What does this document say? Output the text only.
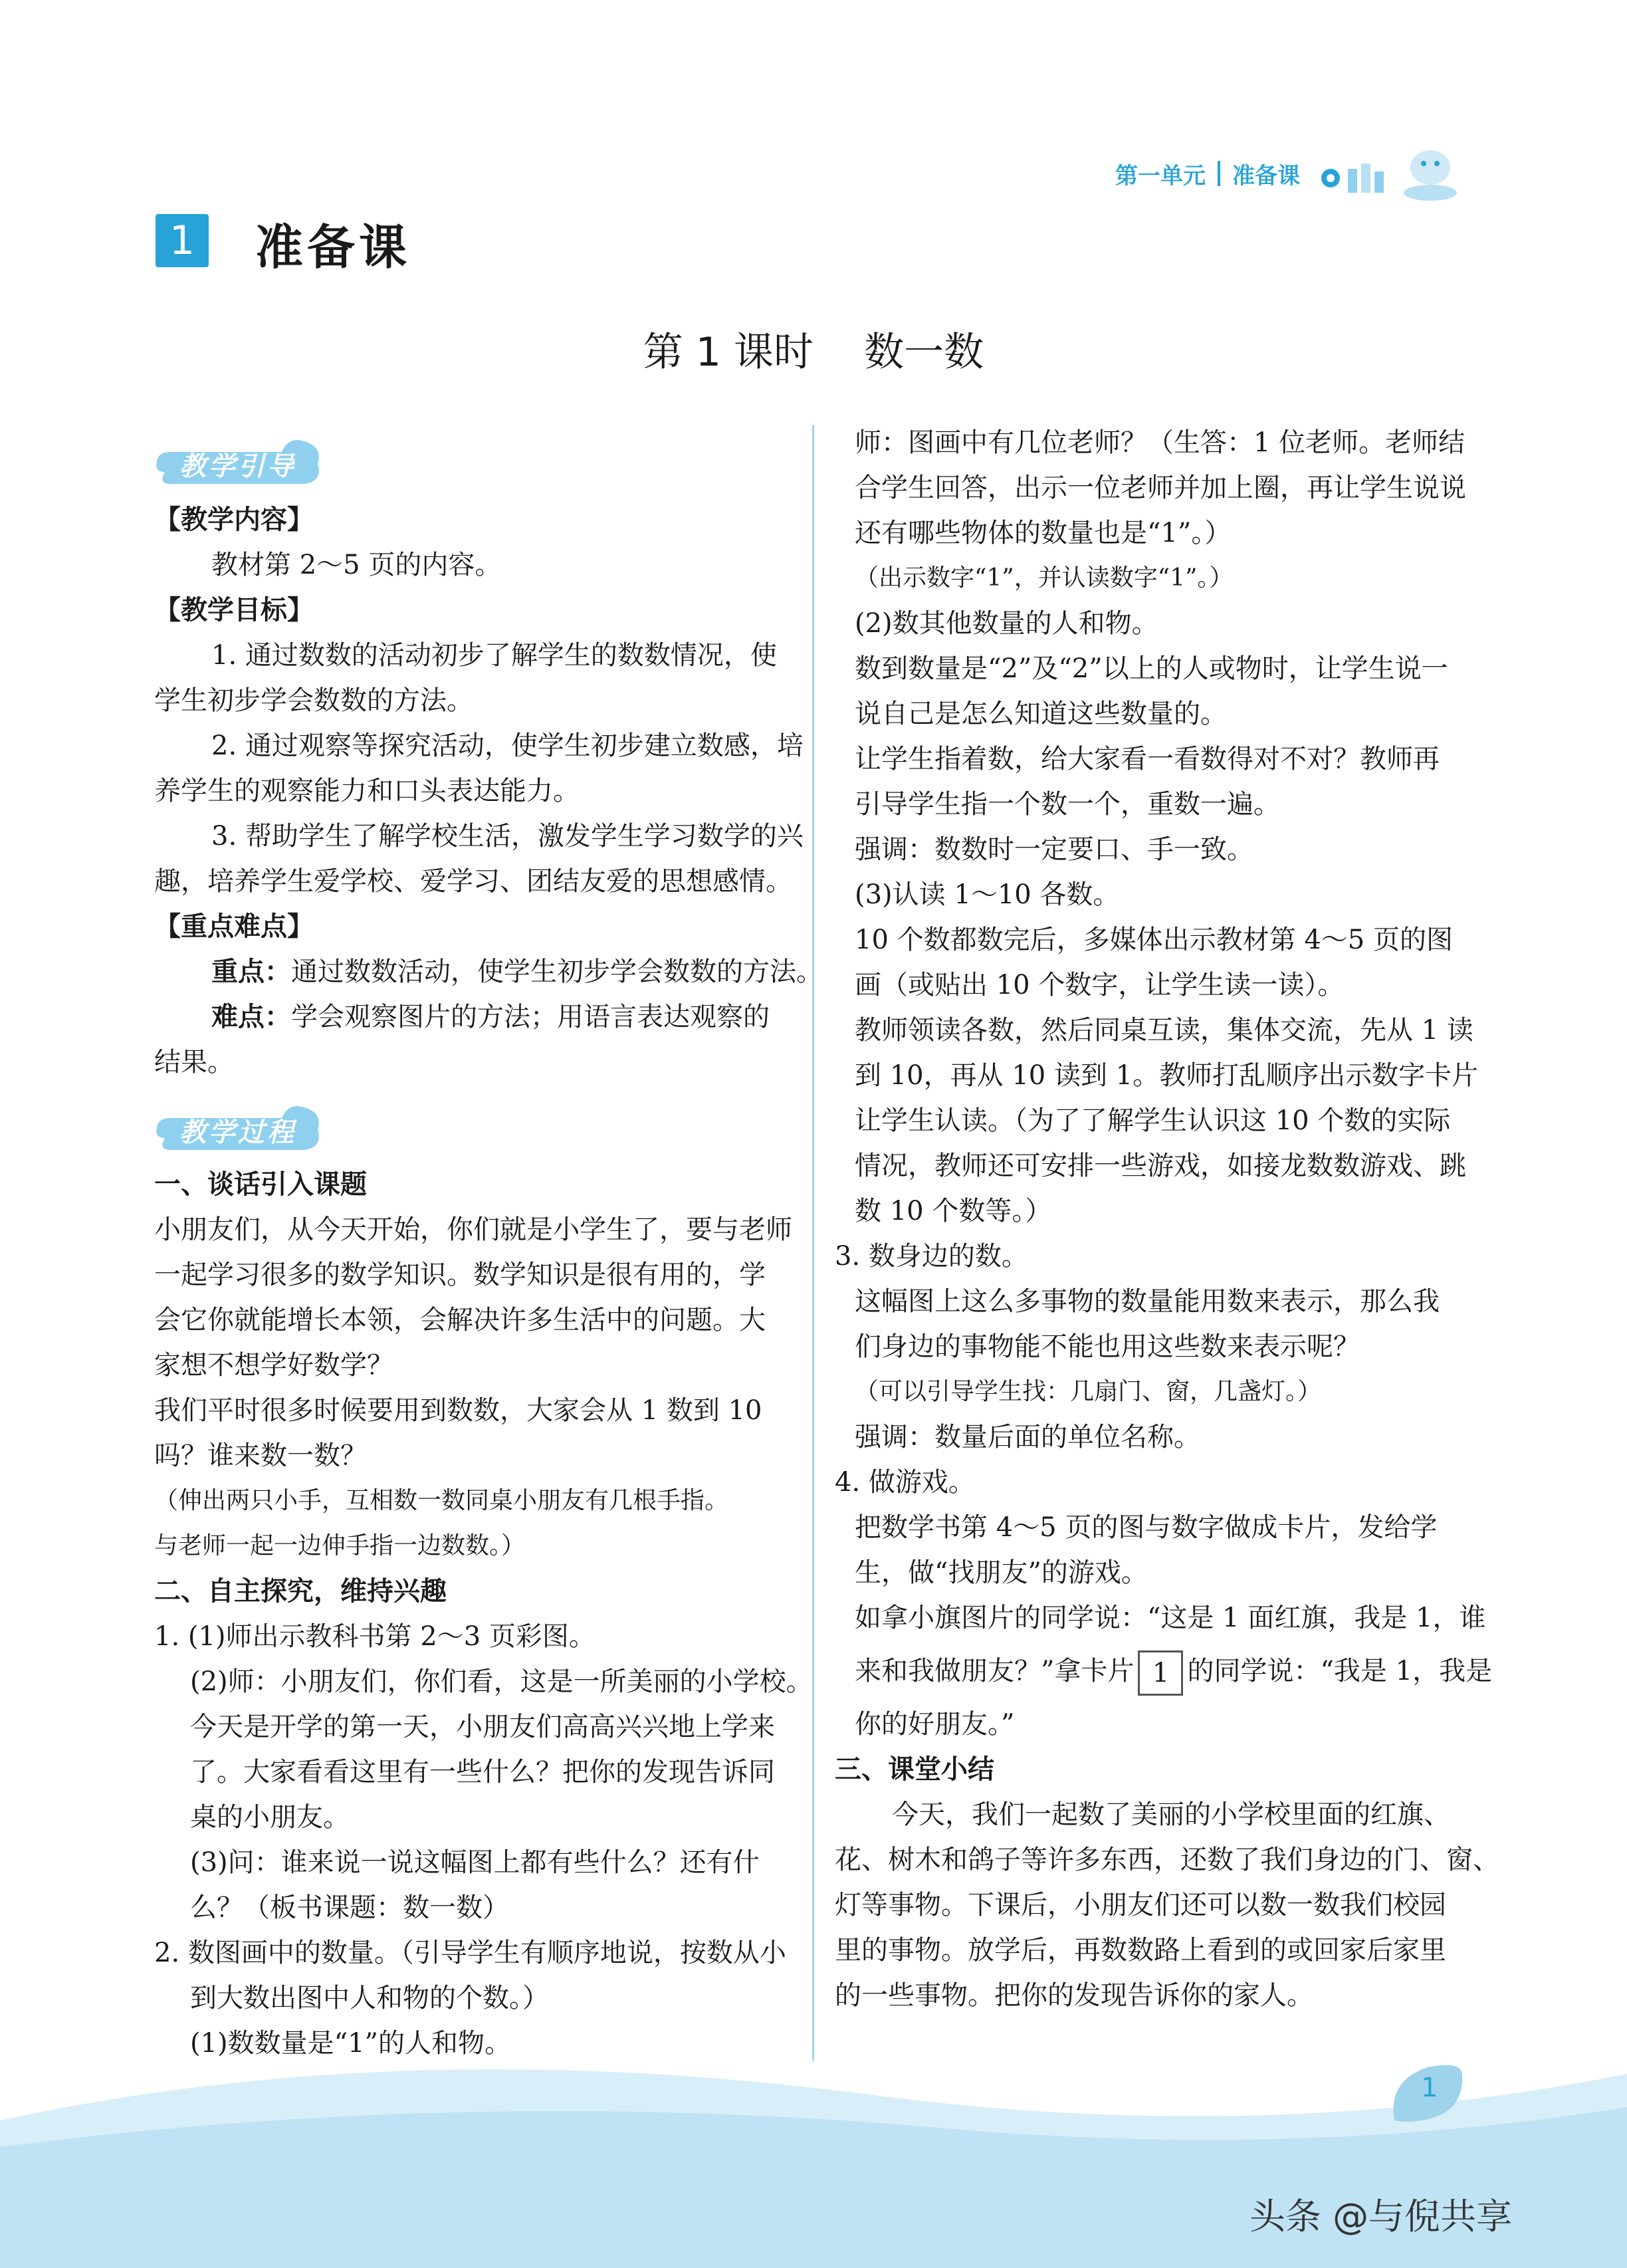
第一单元 准备课
1 准备课
第 1 课时    数一数
教学引导
教学过程

【教学内容】

教材第 2～5 页的内容。

【教学目标】

1. 通过数数的活动初步了解学生的数数情况，使

学生初步学会数数的方法。

2. 通过观察等探究活动，使学生初步建立数感，培

养学生的观察能力和口头表达能力。

3. 帮助学生了解学校生活，激发学生学习数学的兴

趣，培养学生爱学校、爱学习、团结友爱的思想感情。

【重点难点】

重点：通过数数活动，使学生初步学会数数的方法。

难点：学会观察图片的方法；用语言表达观察的

结果。

一、谈话引入课题

小朋友们，从今天开始，你们就是小学生了，要与老师

一起学习很多的数学知识。数学知识是很有用的，学

会它你就能增长本领，会解决许多生活中的问题。大

家想不想学好数学？

我们平时很多时候要用到数数，大家会从 1 数到 10

吗？谁来数一数？

（伸出两只小手，互相数一数同桌小朋友有几根手指。

与老师一起一边伸手指一边数数。）

二、自主探究，维持兴趣

1. (1)师出示教科书第 2～3 页彩图。

(2)师：小朋友们，你们看，这是一所美丽的小学校。

今天是开学的第一天，小朋友们高高兴兴地上学来

了。大家看看这里有一些什么？把你的发现告诉同

桌的小朋友。

(3)问：谁来说一说这幅图上都有些什么？还有什

么？（板书课题：数一数）

2. 数图画中的数量。（引导学生有顺序地说，按数从小

到大数出图中人和物的个数。）

(1)数数量是“1”的人和物。

师：图画中有几位老师？（生答：1 位老师。老师结

合学生回答，出示一位老师并加上圈，再让学生说说

还有哪些物体的数量也是“1”。）

（出示数字“1”，并认读数字“1”。）

(2)数其他数量的人和物。

数到数量是“2”及“2”以上的人或物时，让学生说一

说自己是怎么知道这些数量的。

让学生指着数，给大家看一看数得对不对？教师再

引导学生指一个数一个，重数一遍。

强调：数数时一定要口、手一致。

(3)认读 1～10 各数。

10 个数都数完后，多媒体出示教材第 4～5 页的图

画（或贴出 10 个数字，让学生读一读）。

教师领读各数，然后同桌互读，集体交流，先从 1 读

到 10，再从 10 读到 1。教师打乱顺序出示数字卡片

让学生认读。（为了了解学生认识这 10 个数的实际

情况，教师还可安排一些游戏，如接龙数数游戏、跳

数 10 个数等。）

3. 数身边的数。

这幅图上这么多事物的数量能用数来表示，那么我

们身边的事物能不能也用这些数来表示呢？

（可以引导学生找：几扇门、窗，几盏灯。）

强调：数量后面的单位名称。

4. 做游戏。

把数学书第 4～5 页的图与数字做成卡片，发给学

生，做“找朋友”的游戏。

如拿小旗图片的同学说：“这是 1 面红旗，我是 1，谁

来和我做朋友？”拿卡片 1 的同学说：“我是 1，我是

你的好朋友。”

三、课堂小结

今天，我们一起数了美丽的小学校里面的红旗、

花、树木和鸽子等许多东西，还数了我们身边的门、窗、

灯等事物。下课后，小朋友们还可以数一数我们校园

里的事物。放学后，再数数路上看到的或回家后家里

的一些事物。把你的发现告诉你的家人。

1
头条 @与倪共享
